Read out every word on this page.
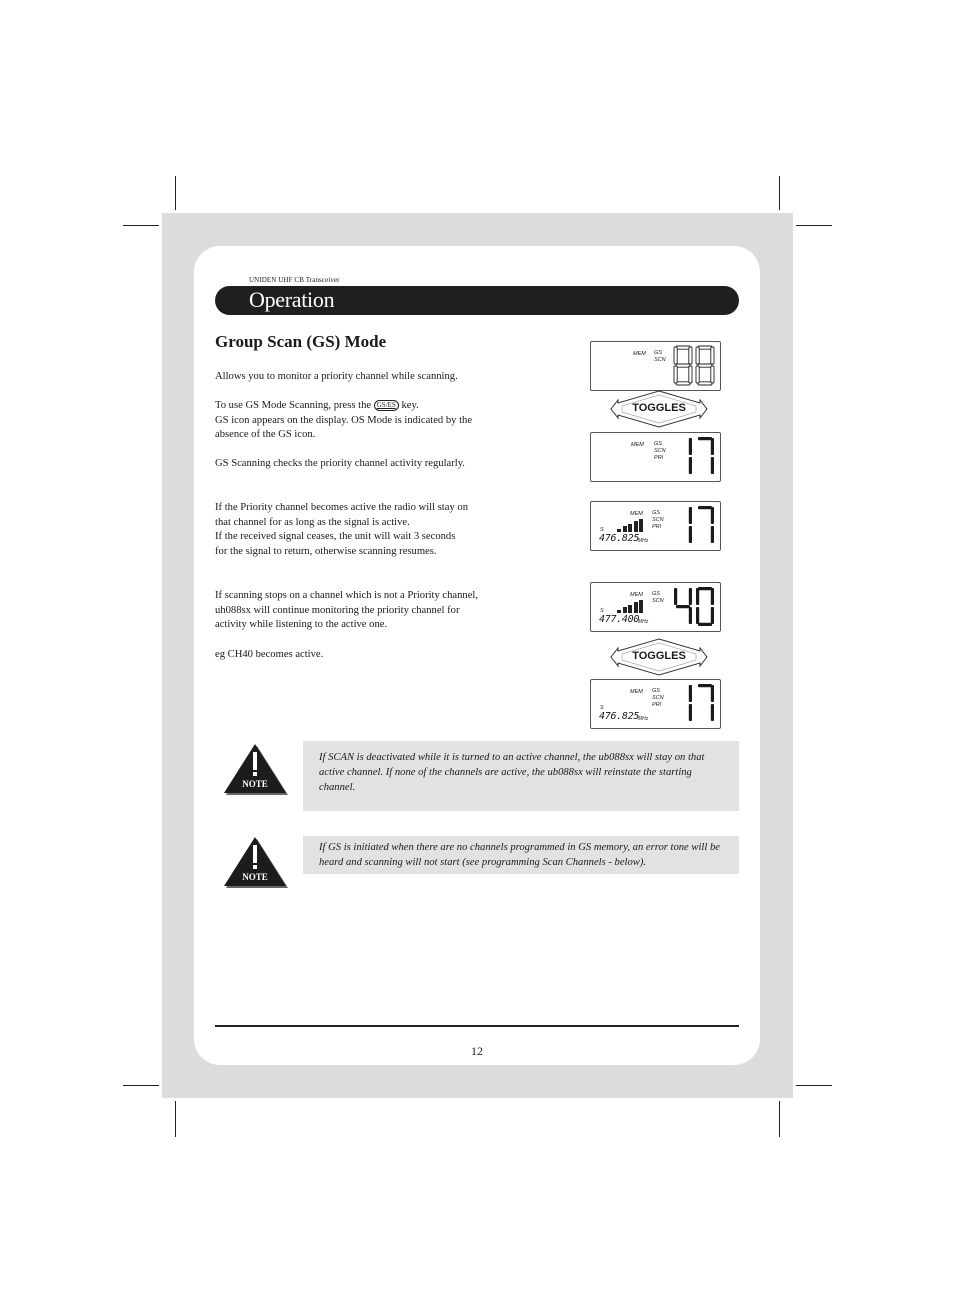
UNIDEN UHF CB Transceiver
Operation
Group Scan (GS) Mode
Allows you to monitor a priority channel while scanning.
To use GS Mode Scanning, press the GS/ES key.
GS icon appears on the display. OS Mode is indicated by the
absence of the GS icon.
GS Scanning checks the priority channel activity regularly.
If the Priority channel becomes active the radio will stay on
that channel for as long as the signal is active.
If the received signal ceases, the unit will wait 3 seconds
for the signal to return, otherwise scanning resumes.
If scanning stops on a channel which is not a Priority channel,
uh088sx will continue monitoring the priority channel for
activity while listening to the active one.
eg CH40 becomes active.
MEM GS
SCN
TOGGLES
MEM GS
SCN
PRI
MEM GS
SCN
PRI
S
476.825
MHz
MEM GS
SCN
S
477.400
MHz
TOGGLES
MEM GS
SCN
PRI
S
476.825
MHz
NOTE

If SCAN is deactivated while it is turned to an active channel, the ub088sx will stay on that active channel. If none of the channels are active, the ub088sx will reinstate the starting channel.

NOTE

If GS is initiated when there are no channels programmed in GS memory, an error tone will be heard and scanning will not start (see programming Scan Channels - below).

12
